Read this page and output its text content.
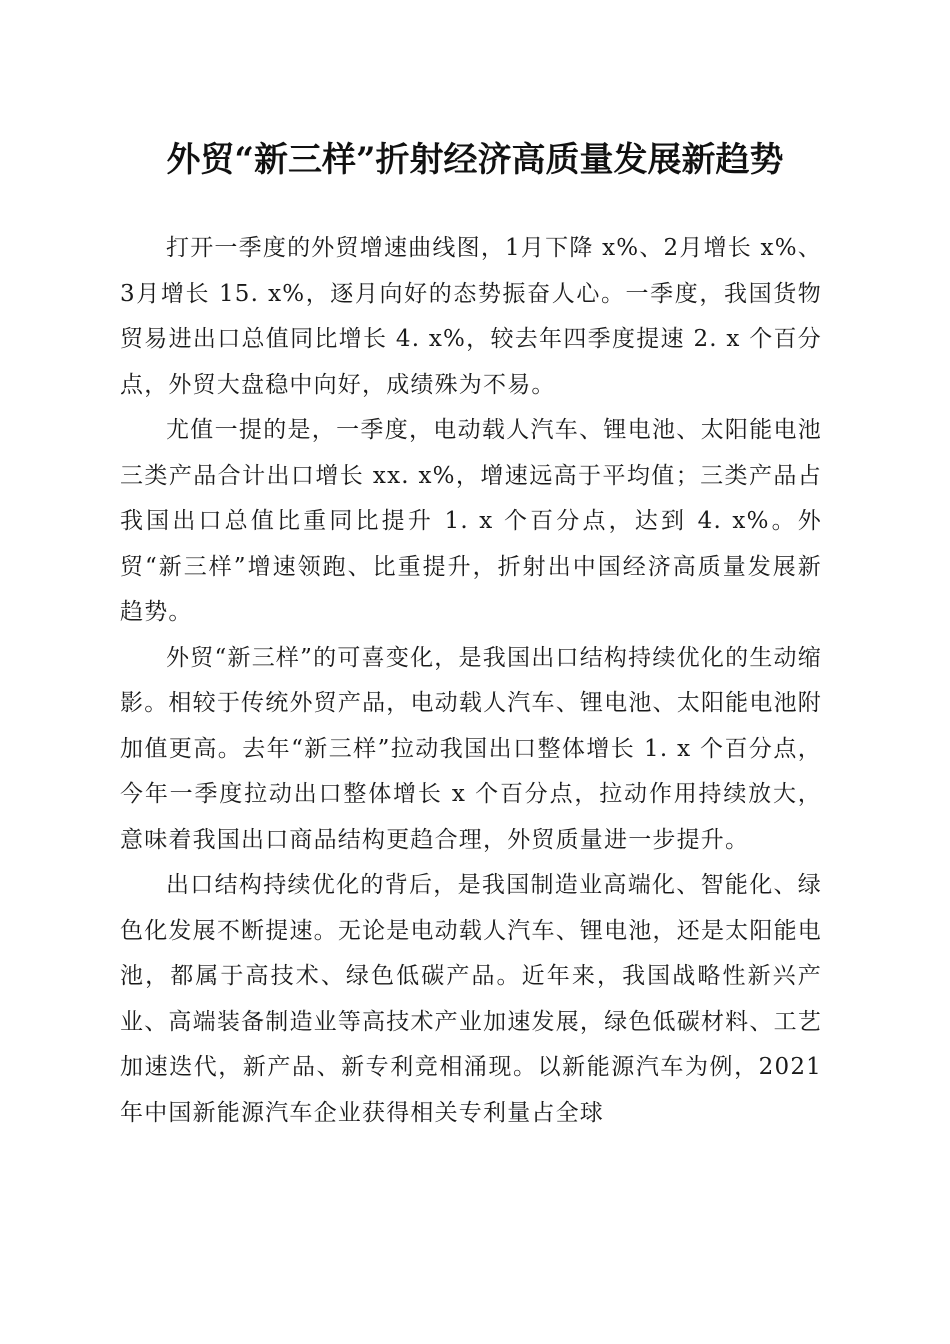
外贸“新三样”折射经济高质量发展新趋势

打开一季度的外贸增速曲线图，1月下降 x%、2月增长 x%、3月增长 15. x%，逐月向好的态势振奋人心。一季度，我国货物贸易进出口总值同比增长 4. x%，较去年四季度提速 2. x 个百分点，外贸大盘稳中向好，成绩殊为不易。

尤值一提的是，一季度，电动载人汽车、锂电池、太阳能电池三类产品合计出口增长 xx. x%，增速远高于平均值；三类产品占我国出口总值比重同比提升 1. x 个百分点，达到 4. x%。外贸“新三样”增速领跑、比重提升，折射出中国经济高质量发展新趋势。

外贸“新三样”的可喜变化，是我国出口结构持续优化的生动缩影。相较于传统外贸产品，电动载人汽车、锂电池、太阳能电池附加值更高。去年“新三样”拉动我国出口整体增长 1. x 个百分点，今年一季度拉动出口整体增长 x 个百分点，拉动作用持续放大，意味着我国出口商品结构更趋合理，外贸质量进一步提升。

出口结构持续优化的背后，是我国制造业高端化、智能化、绿色化发展不断提速。无论是电动载人汽车、锂电池，还是太阳能电池，都属于高技术、绿色低碳产品。近年来，我国战略性新兴产业、高端装备制造业等高技术产业加速发展，绿色低碳材料、工艺加速迭代，新产品、新专利竞相涌现。以新能源汽车为例，2021 年中国新能源汽车企业获得相关专利量占全球
